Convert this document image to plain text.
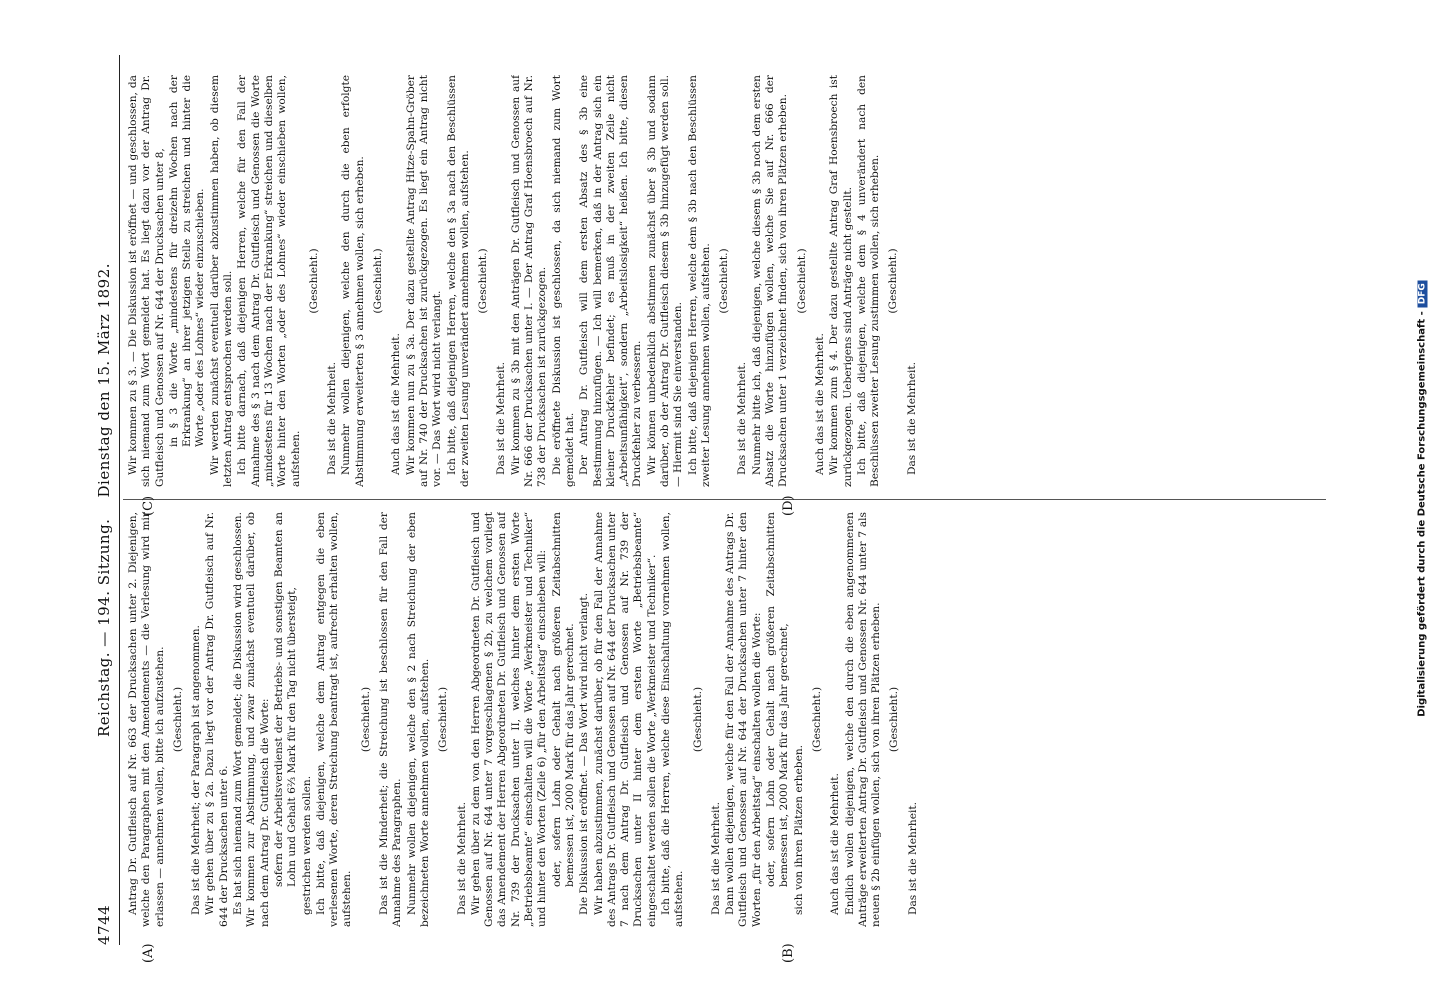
4744
Reichstag. — 194. Sitzung.    Dienstag den 15. März 1892.
(A)	(B)
(C)	(D)

Antrag Dr. Gutfleisch auf Nr. 663 der Drucksachen unter 2. Diejenigen, welche den Paragraphen mit den Amendements — die Verlesung wird mir erlassen — annehmen wollen, bitte ich aufzustehen. (Geschieht.) Das ist die Mehrheit; der Paragraph ist angenommen. Wir gehen über zu § 2a. Dazu liegt vor der Antrag Dr. Gutfleisch auf Nr. 644 der Drucksachen unter 6. Es hat sich niemand zum Wort gemeldet; die Diskussion wird geschlossen. Wir kommen zur Abstimmung, und zwar zunächst eventuell darüber, ob nach dem Antrag Dr. Gutfleisch die Worte: sofern der Arbeitsverdienst der Betriebs- und sonstigen Beamten an Lohn und Gehalt 6⅔ Mark für den Tag nicht übersteigt, gestrichen werden sollen. Ich bitte, daß diejenigen, welche dem Antrag entgegen die eben verlesenen Worte, deren Streichung beantragt ist, aufrecht erhalten wollen, aufstehen.

(Geschieht.) Das ist die Minderheit; die Streichung ist beschlossen für den Fall der Annahme des Paragraphen. Nunmehr wollen diejenigen, welche den § 2 nach Streichung der eben bezeichneten Worte annehmen wollen, aufstehen. (Geschieht.)

Das ist die Mehrheit. Wir gehen über zu dem von den Herren Abgeordneten Dr. Gutfleisch und Genossen auf Nr. 644 unter 7 vorgeschlagenen § 2b, zu welchem vorliegt das Amendement der Herren Abgeordneten Dr. Gutfleisch und Genossen auf Nr. 739 der Drucksachen unter II, welches hinter dem ersten Worte „Betriebsbeamte“ einschalten will die Worte „Werkmeister und Techniker“ und hinter den Worten (Zeile 6) „für den Arbeitstag“ einschieben will: oder, sofern Lohn oder Gehalt nach größeren Zeitabschnitten bemessen ist, 2000 Mark für das Jahr gerechnet. Die Diskussion ist eröffnet. — Das Wort wird nicht verlangt. Wir haben abzustimmen, zunächst darüber, ob für den Fall der Annahme des Antrags Dr. Gutfleisch und Genossen auf Nr. 644 der Drucksachen unter 7 nach dem Antrag Dr. Gutfleisch und Genossen auf Nr. 739 der Drucksachen unter II hinter dem ersten Worte „Betriebsbeamte“ eingeschaltet werden sollen die Worte „Werkmeister und Techniker“. Ich bitte, daß die Herren, welche diese Einschaltung vornehmen wollen, aufstehen.

(Geschieht.)

Das ist die Mehrheit. Dann wollen diejenigen, welche für den Fall der Annahme des Antrags Dr. Gutfleisch und Genossen auf Nr. 644 der Drucksachen unter 7 hinter den Worten „für den Arbeitstag“ einschalten wollen die Worte: oder, sofern Lohn oder Gehalt nach größeren Zeitabschnitten bemessen ist, 2000 Mark für das Jahr gerechnet, sich von ihren Plätzen erheben.

(Geschieht.)

Auch das ist die Mehrheit. Endlich wollen diejenigen, welche den durch die eben angenommenen Anträge erweiterten Antrag Dr. Gutfleisch und Genossen Nr. 644 unter 7 als neuen § 2b einfügen wollen, sich von ihren Plätzen erheben. (Geschieht.)

Das ist die Mehrheit.

Wir kommen zu § 3. — Die Diskussion ist eröffnet — und geschlossen, da sich niemand zum Wort gemeldet hat. Es liegt dazu vor der Antrag Dr. Gutfleisch und Genossen auf Nr. 644 der Drucksachen unter 8, in § 3 die Worte „mindestens für dreizehn Wochen nach der Erkrankung“ an ihrer jetzigen Stelle zu streichen und hinter die Worte „oder des Lohnes“ wieder einzuschieben. Wir werden zunächst eventuell darüber abzustimmen haben, ob diesem letzten Antrag entsprochen werden soll. Ich bitte darnach, daß diejenigen Herren, welche für den Fall der Annahme des § 3 nach dem Antrag Dr. Gutfleisch und Genossen die Worte „mindestens für 13 Wochen nach der Erkrankung“ streichen und dieselben Worte hinter den Worten „oder des Lohnes“ wieder einschieben wollen, aufstehen.

(Geschieht.)

Das ist die Mehrheit. Nunmehr wollen diejenigen, welche den durch die eben erfolgte Abstimmung erweiterten § 3 annehmen wollen, sich erheben. (Geschieht.)

Auch das ist die Mehrheit. Wir kommen nun zu § 3a. Der dazu gestellte Antrag Hitze-Spahn-Gröber auf Nr. 740 der Drucksachen ist zurückgezogen. Es liegt ein Antrag nicht vor. — Das Wort wird nicht verlangt. Ich bitte, daß diejenigen Herren, welche den § 3a nach den Beschlüssen der zweiten Lesung unverändert annehmen wollen, aufstehen. (Geschieht.)

Das ist die Mehrheit. Wir kommen zu § 3b mit den Anträgen Dr. Gutfleisch und Genossen auf Nr. 666 der Drucksachen unter I. — Der Antrag Graf Hoensbroech auf Nr. 738 der Drucksachen ist zurückgezogen. Die eröffnete Diskussion ist geschlossen, da sich niemand zum Wort gemeldet hat. Der Antrag Dr. Gutfleisch will dem ersten Absatz des § 3b eine Bestimmung hinzufügen. — Ich will bemerken, daß in der Antrag sich ein kleiner Druckfehler befindet; es muß in der zweiten Zeile nicht „Arbeitsunfähigkeit“, sondern „Arbeitslosigkeit“ heißen. Ich bitte, diesen Druckfehler zu verbessern. Wir können unbedenklich abstimmen zunächst über § 3b und sodann darüber, ob der Antrag Dr. Gutfleisch diesem § 3b hinzugefügt werden soll. — Hiermit sind Sie einverstanden. Ich bitte, daß diejenigen Herren, welche dem § 3b nach den Beschlüssen zweiter Lesung annehmen wollen, aufstehen. (Geschieht.)

Das ist die Mehrheit. Nunmehr bitte ich, daß diejenigen, welche diesem § 3b noch dem ersten Absatz die Worte hinzufügen wollen, welche Sie auf Nr. 666 der Drucksachen unter 1 verzeichnet finden, sich von ihren Plätzen erheben. (Geschieht.)

Auch das ist die Mehrheit. Wir kommen zum § 4. Der dazu gestellte Antrag Graf Hoensbroech ist zurückgezogen. Ueberigens sind Anträge nicht gestellt. Ich bitte, daß diejenigen, welche dem § 4 unverändert nach den Beschlüssen zweiter Lesung zustimmen wollen, sich erheben. (Geschieht.)

Das ist die Mehrheit.	Digitalisierung gefördert durch die Deutsche Forschungsgemeinschaft -DFG
